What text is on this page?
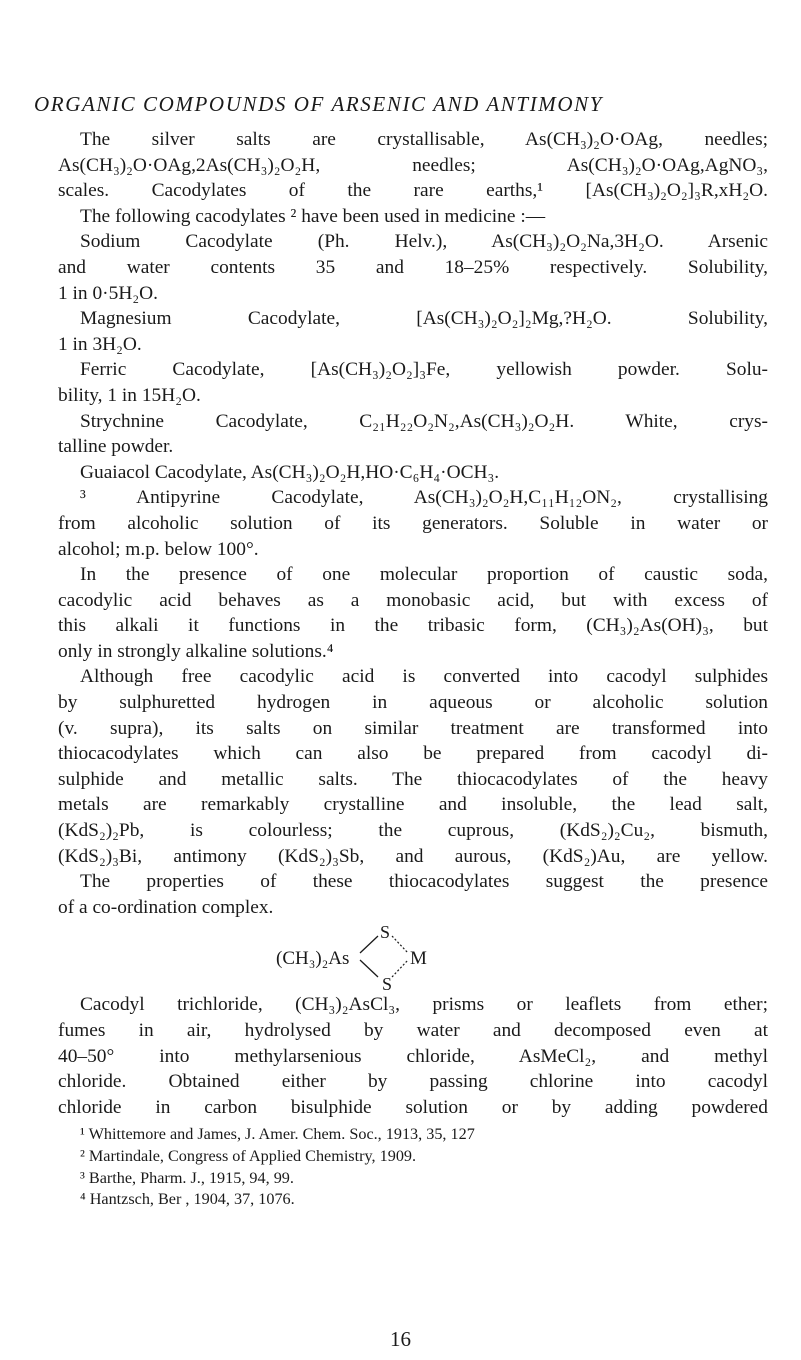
ORGANIC COMPOUNDS OF ARSENIC AND ANTIMONY
The silver salts are crystallisable, As(CH₃)₂O·OAg, needles;
As(CH₃)₂O·OAg,2As(CH₃)₂O₂H, needles; As(CH₃)₂O·OAg,AgNO₃,
scales. Cacodylates of the rare earths,¹ [As(CH₃)₂O₂]₃R,xH₂O.
The following cacodylates ² have been used in medicine :—
Sodium Cacodylate (Ph. Helv.), As(CH₃)₂O₂Na,3H₂O. Arsenic
and water contents 35 and 18–25% respectively. Solubility,
1 in 0·5H₂O.
Magnesium Cacodylate, [As(CH₃)₂O₂]₂Mg,?H₂O. Solubility,
1 in 3H₂O.
Ferric Cacodylate, [As(CH₃)₂O₂]₃Fe, yellowish powder. Solu-
bility, 1 in 15H₂O.
Strychnine Cacodylate, C₂₁H₂₂O₂N₂,As(CH₃)₂O₂H. White, crys-
talline powder.
Guaiacol Cacodylate, As(CH₃)₂O₂H,HO·C₆H₄·OCH₃.
³ Antipyrine Cacodylate, As(CH₃)₂O₂H,C₁₁H₁₂ON₂, crystallising
from alcoholic solution of its generators. Soluble in water or
alcohol; m.p. below 100°.
In the presence of one molecular proportion of caustic soda,
cacodylic acid behaves as a monobasic acid, but with excess of
this alkali it functions in the tribasic form, (CH₃)₂As(OH)₃, but
only in strongly alkaline solutions.⁴
Although free cacodylic acid is converted into cacodyl sulphides
by sulphuretted hydrogen in aqueous or alcoholic solution
(v. supra), its salts on similar treatment are transformed into
thiocacodylates which can also be prepared from cacodyl di-
sulphide and metallic salts. The thiocacodylates of the heavy
metals are remarkably crystalline and insoluble, the lead salt,
(KdS₂)₂Pb, is colourless; the cuprous, (KdS₂)₂Cu₂, bismuth,
(KdS₂)₃Bi, antimony (KdS₂)₃Sb, and aurous, (KdS₂)Au, are yellow.
The properties of these thiocacodylates suggest the presence
of a co-ordination complex.
(CH₃)₂As
S
S
M
Cacodyl trichloride, (CH₃)₂AsCl₃, prisms or leaflets from ether;
fumes in air, hydrolysed by water and decomposed even at
40–50° into methylarsenious chloride, AsMeCl₂, and methyl
chloride. Obtained either by passing chlorine into cacodyl
chloride in carbon bisulphide solution or by adding powdered
¹ Whittemore and James, J. Amer. Chem. Soc., 1913, 35, 127
² Martindale, Congress of Applied Chemistry, 1909.
³ Barthe, Pharm. J., 1915, 94, 99.
⁴ Hantzsch, Ber , 1904, 37, 1076.
16
